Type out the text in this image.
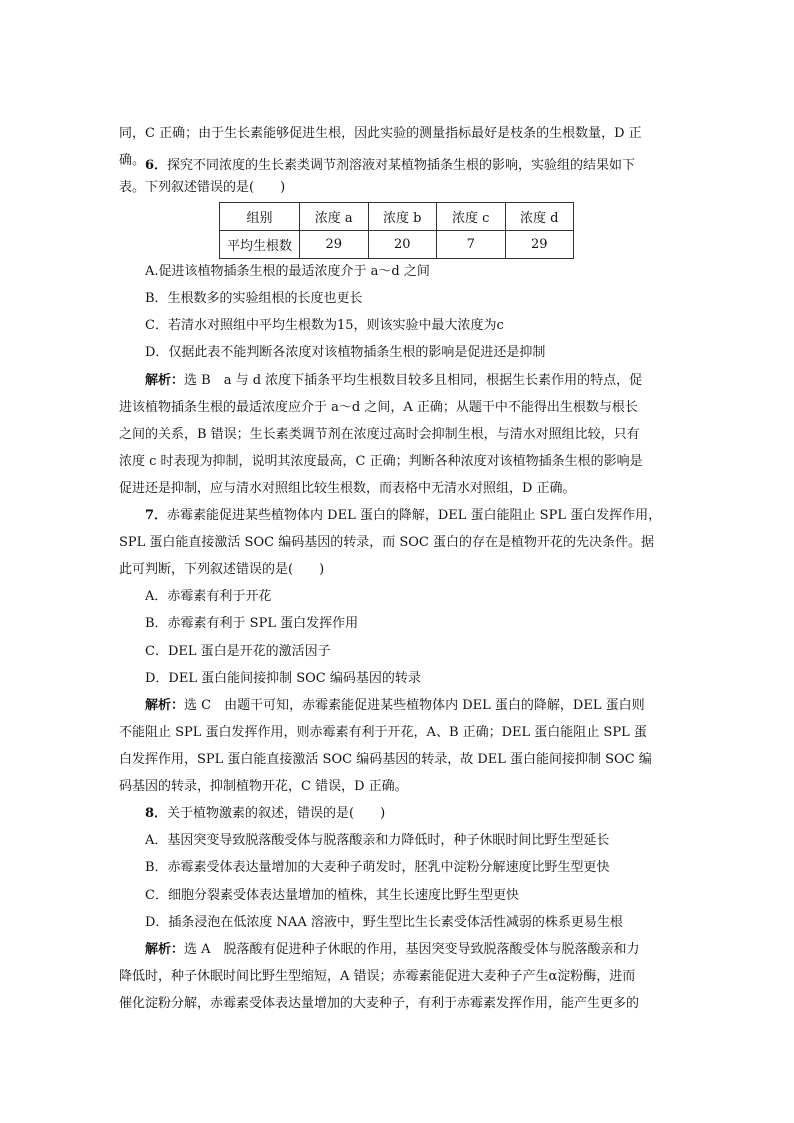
同，C 正确；由于生长素能够促进生根，因此实验的测量指标最好是枝条的生根数量，D 正
确。 6．探究不同浓度的生长素类调节剂溶液对某植物插条生根的影响，实验组的结果如下
表。下列叙述错误的是(　　)
组别	浓度 a	浓度 b	浓度 c	浓度 d
平均生根数	29	20	7	29
A.促进该植物插条生根的最适浓度介于 a～d 之间
B．生根数多的实验组根的长度也更长
C．若清水对照组中平均生根数为15，则该实验中最大浓度为c
D．仅据此表不能判断各浓度对该植物插条生根的影响是促进还是抑制
解析：选 B　a 与 d 浓度下插条平均生根数目较多且相同，根据生长素作用的特点，促
进该植物插条生根的最适浓度应介于 a～d 之间，A 正确；从题干中不能得出生根数与根长
之间的关系，B 错误；生长素类调节剂在浓度过高时会抑制生根，与清水对照组比较，只有
浓度 c 时表现为抑制，说明其浓度最高，C 正确；判断各种浓度对该植物插条生根的影响是
促进还是抑制，应与清水对照组比较生根数，而表格中无清水对照组，D 正确。
7．赤霉素能促进某些植物体内 DEL 蛋白的降解，DEL 蛋白能阻止 SPL 蛋白发挥作用，
SPL 蛋白能直接激活 SOC 编码基因的转录，而 SOC 蛋白的存在是植物开花的先决条件。据
此可判断，下列叙述错误的是(　　)
A．赤霉素有利于开花
B．赤霉素有利于 SPL 蛋白发挥作用
C．DEL 蛋白是开花的激活因子
D．DEL 蛋白能间接抑制 SOC 编码基因的转录
解析：选 C　由题干可知，赤霉素能促进某些植物体内 DEL 蛋白的降解，DEL 蛋白则
不能阻止 SPL 蛋白发挥作用，则赤霉素有利于开花，A、B 正确；DEL 蛋白能阻止 SPL 蛋
白发挥作用，SPL 蛋白能直接激活 SOC 编码基因的转录，故 DEL 蛋白能间接抑制 SOC 编
码基因的转录，抑制植物开花，C 错误，D 正确。
8．关于植物激素的叙述，错误的是(　　)
A．基因突变导致脱落酸受体与脱落酸亲和力降低时，种子休眠时间比野生型延长
B．赤霉素受体表达量增加的大麦种子萌发时，胚乳中淀粉分解速度比野生型更快
C．细胞分裂素受体表达量增加的植株，其生长速度比野生型更快
D．插条浸泡在低浓度 NAA 溶液中，野生型比生长素受体活性减弱的株系更易生根
解析：选 A　脱落酸有促进种子休眠的作用，基因突变导致脱落酸受体与脱落酸亲和力
降低时，种子休眠时间比野生型缩短，A 错误；赤霉素能促进大麦种子产生α淀粉酶，进而
催化淀粉分解，赤霉素受体表达量增加的大麦种子，有利于赤霉素发挥作用，能产生更多的
